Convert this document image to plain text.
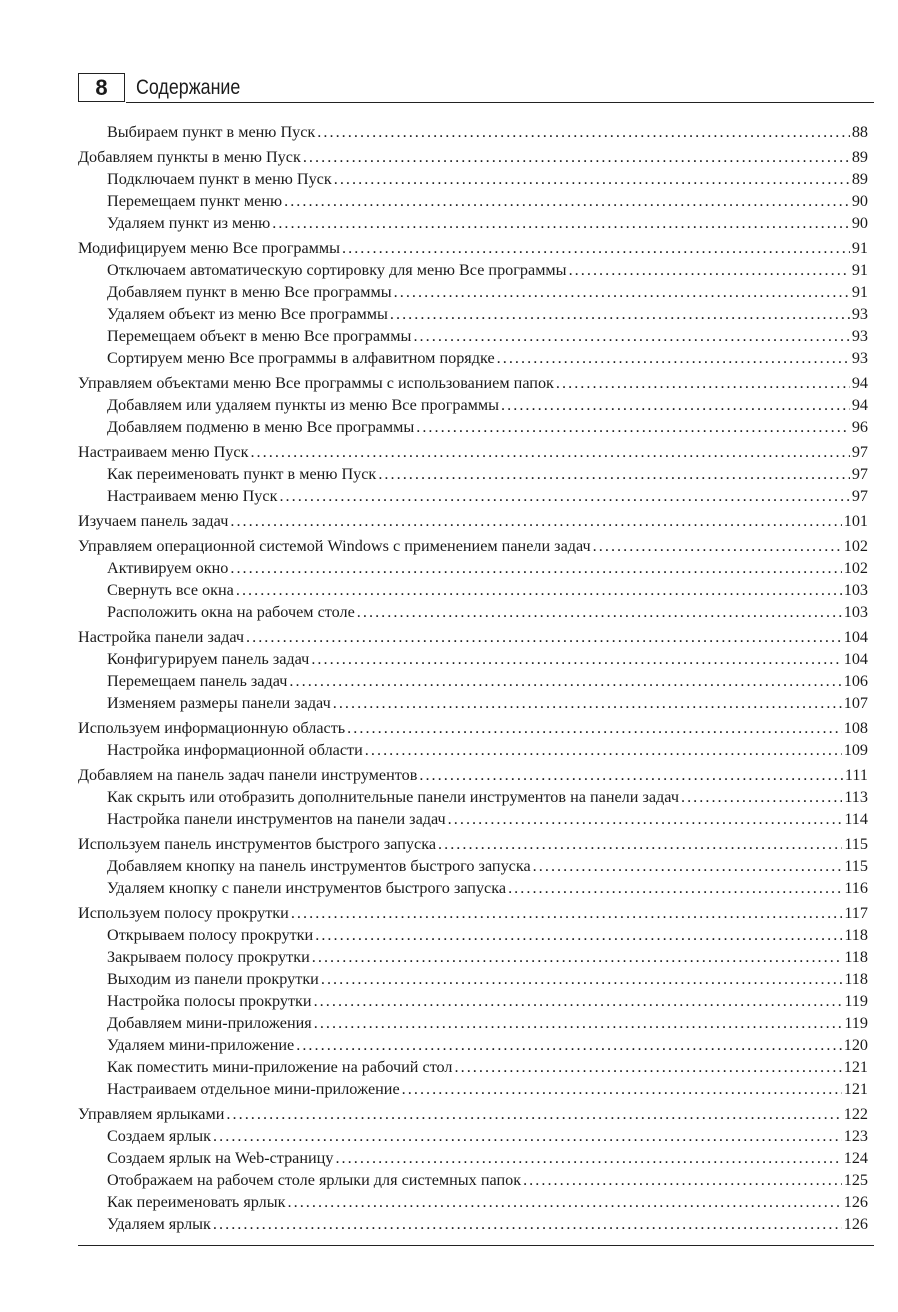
8	Содержание
Выбираем пункт в меню Пуск . . .	88
Добавляем пункты в меню Пуск . . .	89
Подключаем пункт в меню Пуск . . .	89
Перемещаем пункт меню . . .	90
Удаляем пункт из меню . . .	90
Модифицируем меню Все программы . . .	91
Отключаем автоматическую сортировку для меню Все программы . . .	91
Добавляем пункт в меню Все программы . . .	91
Удаляем объект из меню Все программы . . .	93
Перемещаем объект в меню Все программы . . .	93
Сортируем меню Все программы в алфавитном порядке . . .	93
Управляем объектами меню Все программы с использованием папок . . .	94
Добавляем или удаляем пункты из меню Все программы . . .	94
Добавляем подменю в меню Все программы . . .	96
Настраиваем меню Пуск . . .	97
Как переименовать пункт в меню Пуск . . .	97
Настраиваем меню Пуск . . .	97
Изучаем панель задач . . .	101
Управляем операционной системой Windows с применением панели задач . . .	102
Активируем окно . . .	102
Свернуть все окна . . .	103
Расположить окна на рабочем столе . . .	103
Настройка панели задач . . .	104
Конфигурируем панель задач . . .	104
Перемещаем панель задач . . .	106
Изменяем размеры панели задач . . .	107
Используем информационную область . . .	108
Настройка информационной области . . .	109
Добавляем на панель задач панели инструментов . . .	111
Как скрыть или отобразить дополнительные панели инструментов на панели задач . . .	113
Настройка панели инструментов на панели задач . . .	114
Используем панель инструментов быстрого запуска . . .	115
Добавляем кнопку на панель инструментов быстрого запуска . . .	115
Удаляем кнопку с панели инструментов быстрого запуска . . .	116
Используем полосу прокрутки . . .	117
Открываем полосу прокрутки . . .	118
Закрываем полосу прокрутки . . .	118
Выходим из панели прокрутки . . .	118
Настройка полосы прокрутки . . .	119
Добавляем мини-приложения . . .	119
Удаляем мини-приложение . . .	120
Как поместить мини-приложение на рабочий стол . . .	121
Настраиваем отдельное мини-приложение . . .	121
Управляем ярлыками . . .	122
Создаем ярлык . . .	123
Создаем ярлык на Web-страницу . . .	124
Отображаем на рабочем столе ярлыки для системных папок . . .	125
Как переименовать ярлык . . .	126
Удаляем ярлык . . .	126
